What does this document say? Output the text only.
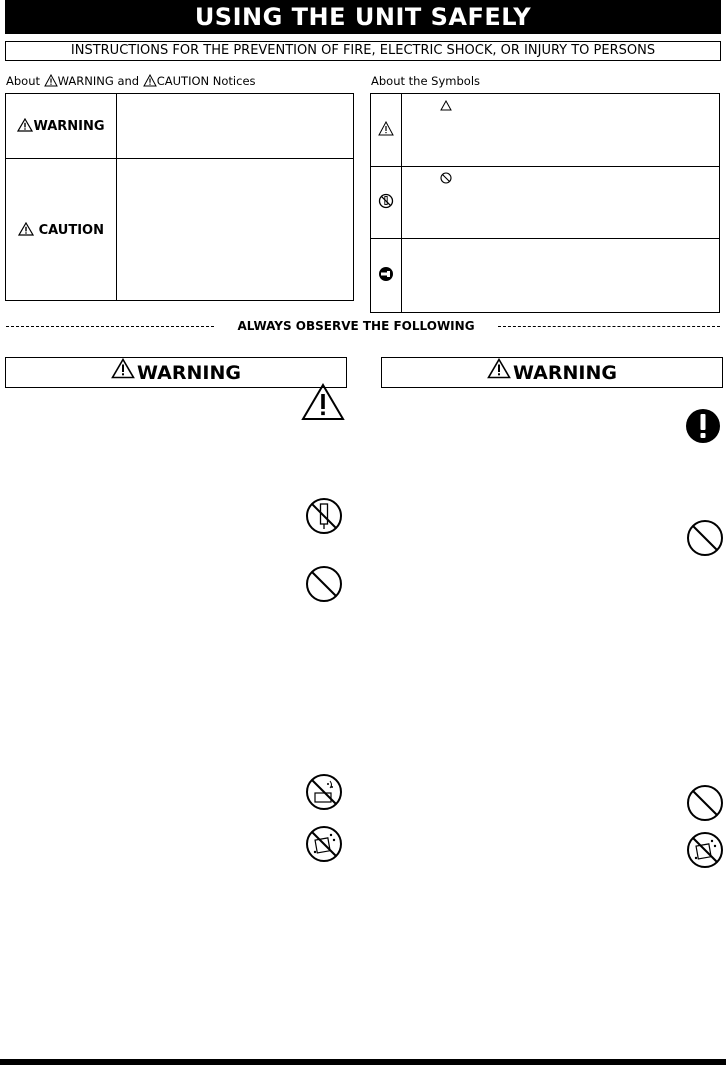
USING THE UNIT SAFELY
INSTRUCTIONS FOR THE PREVENTION OF FIRE, ELECTRIC SHOCK, OR INJURY TO PERSONS
About WARNING and CAUTION Notices
WARNING	

CAUTION	
About the Symbols

ALWAYS OBSERVE THE FOLLOWING
WARNING	WARNING
